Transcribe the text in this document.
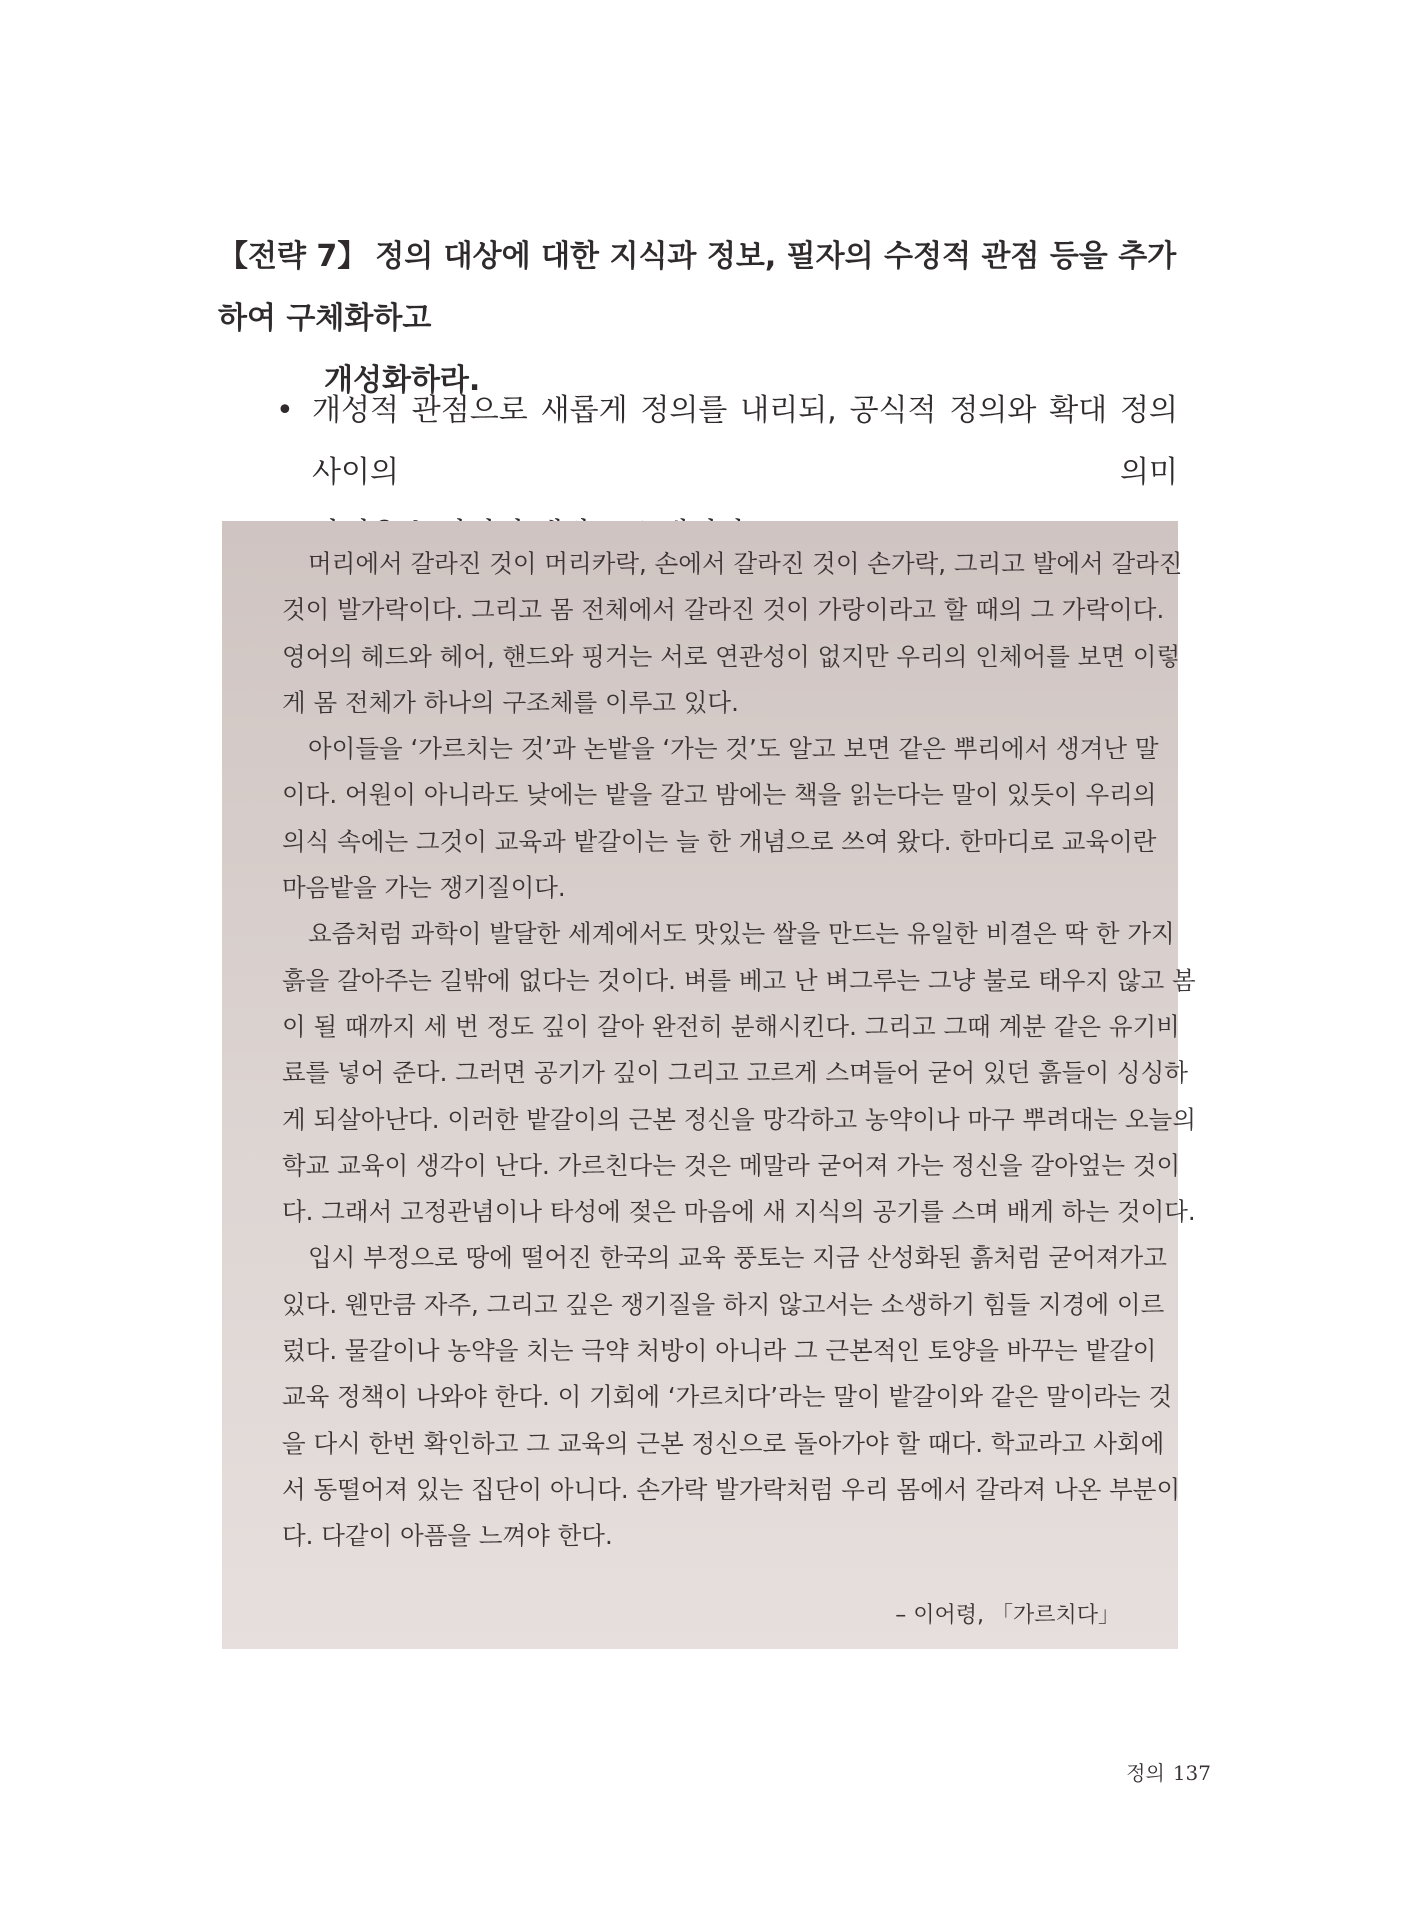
【전략 7】 정의 대상에 대한 지식과 정보, 필자의 수정적 관점 등을 추가하여 구체화하고
개성화하라.
• 개성적 관점으로 새롭게 정의를 내리되, 공식적 정의와 확대 정의 사이의 의미
머리에서 갈라진 것이 머리카락, 손에서 갈라진 것이 손가락, 그리고 발에서 갈라진
것이 발가락이다. 그리고 몸 전체에서 갈라진 것이 가랑이라고 할 때의 그 가락이다.
영어의 헤드와 헤어, 핸드와 핑거는 서로 연관성이 없지만 우리의 인체어를 보면 이렇
게 몸 전체가 하나의 구조체를 이루고 있다.
아이들을 ‘가르치는 것’과 논밭을 ‘가는 것’도 알고 보면 같은 뿌리에서 생겨난 말
이다. 어원이 아니라도 낮에는 밭을 갈고 밤에는 책을 읽는다는 말이 있듯이 우리의
의식 속에는 그것이 교육과 밭갈이는 늘 한 개념으로 쓰여 왔다. 한마디로 교육이란
마음밭을 가는 쟁기질이다.
요즘처럼 과학이 발달한 세계에서도 맛있는 쌀을 만드는 유일한 비결은 딱 한 가지
흙을 갈아주는 길밖에 없다는 것이다. 벼를 베고 난 벼그루는 그냥 불로 태우지 않고 봄
이 될 때까지 세 번 정도 깊이 갈아 완전히 분해시킨다. 그리고 그때 계분 같은 유기비
료를 넣어 준다. 그러면 공기가 깊이 그리고 고르게 스며들어 굳어 있던 흙들이 싱싱하
게 되살아난다. 이러한 밭갈이의 근본 정신을 망각하고 농약이나 마구 뿌려대는 오늘의
학교 교육이 생각이 난다. 가르친다는 것은 메말라 굳어져 가는 정신을 갈아엎는 것이
다. 그래서 고정관념이나 타성에 젖은 마음에 새 지식의 공기를 스며 배게 하는 것이다.
입시 부정으로 땅에 떨어진 한국의 교육 풍토는 지금 산성화된 흙처럼 굳어져가고
있다. 웬만큼 자주, 그리고 깊은 쟁기질을 하지 않고서는 소생하기 힘들 지경에 이르
렀다. 물갈이나 농약을 치는 극약 처방이 아니라 그 근본적인 토양을 바꾸는 밭갈이
교육 정책이 나와야 한다. 이 기회에 ‘가르치다’라는 말이 밭갈이와 같은 말이라는 것
을 다시 한번 확인하고 그 교육의 근본 정신으로 돌아가야 할 때다. 학교라고 사회에
서 동떨어져 있는 집단이 아니다. 손가락 발가락처럼 우리 몸에서 갈라져 나온 부분이
다. 다같이 아픔을 느껴야 한다.
– 이어령, 「가르치다」
정의 137
